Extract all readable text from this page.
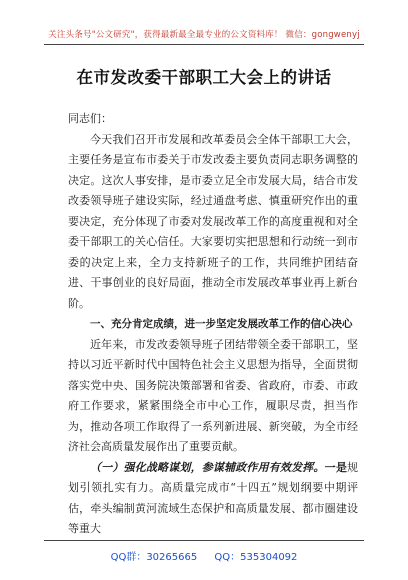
关注头条号"公文研究"，获得最新最全最专业的公文资料库！ 微信：gongwenyj
在市发改委干部职工大会上的讲话
同志们：

今天我们召开市发展和改革委员会全体干部职工大会，主要任务是宣布市委关于市发改委主要负责同志职务调整的决定。这次人事安排，是市委立足全市发展大局，结合市发改委领导班子建设实际，经过通盘考虑、慎重研究作出的重要决定，充分体现了市委对发展改革工作的高度重视和对全委干部职工的关心信任。大家要切实把思想和行动统一到市委的决定上来，全力支持新班子的工作，共同维护团结奋进、干事创业的良好局面，推动全市发展改革事业再上新台阶。

一、充分肯定成绩，进一步坚定发展改革工作的信心决心

近年来，市发改委领导班子团结带领全委干部职工，坚持以习近平新时代中国特色社会主义思想为指导，全面贯彻落实党中央、国务院决策部署和省委、省政府，市委、市政府工作要求，紧紧围绕全市中心工作，履职尽责，担当作为，推动各项工作取得了一系列新进展、新突破，为全市经济社会高质量发展作出了重要贡献。

（一）强化战略谋划，参谋辅政作用有效发挥。一是规划引领扎实有力。高质量完成市“十四五”规划纲要中期评估，牵头编制黄河流域生态保护和高质量发展、都市圈建设等重大

QQ群：30265665 QQ：535304092
